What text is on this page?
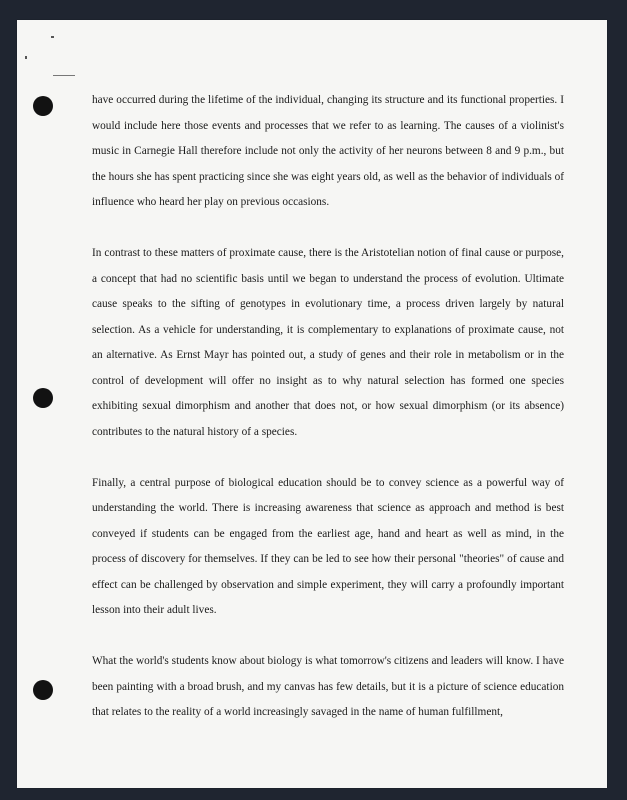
have occurred during the lifetime of the individual, changing its structure and its functional properties. I would include here those events and processes that we refer to as learning. The causes of a violinist's music in Carnegie Hall therefore include not only the activity of her neurons between 8 and 9 p.m., but the hours she has spent practicing since she was eight years old, as well as the behavior of individuals of influence who heard her play on previous occasions.

In contrast to these matters of proximate cause, there is the Aristotelian notion of final cause or purpose, a concept that had no scientific basis until we began to understand the process of evolution. Ultimate cause speaks to the sifting of genotypes in evolutionary time, a process driven largely by natural selection. As a vehicle for understanding, it is complementary to explanations of proximate cause, not an alternative. As Ernst Mayr has pointed out, a study of genes and their role in metabolism or in the control of development will offer no insight as to why natural selection has formed one species exhibiting sexual dimorphism and another that does not, or how sexual dimorphism (or its absence) contributes to the natural history of a species.

Finally, a central purpose of biological education should be to convey science as a powerful way of understanding the world. There is increasing awareness that science as approach and method is best conveyed if students can be engaged from the earliest age, hand and heart as well as mind, in the process of discovery for themselves. If they can be led to see how their personal "theories" of cause and effect can be challenged by observation and simple experiment, they will carry a profoundly important lesson into their adult lives.

What the world's students know about biology is what tomorrow's citizens and leaders will know. I have been painting with a broad brush, and my canvas has few details, but it is a picture of science education that relates to the reality of a world increasingly savaged in the name of human fulfillment,
